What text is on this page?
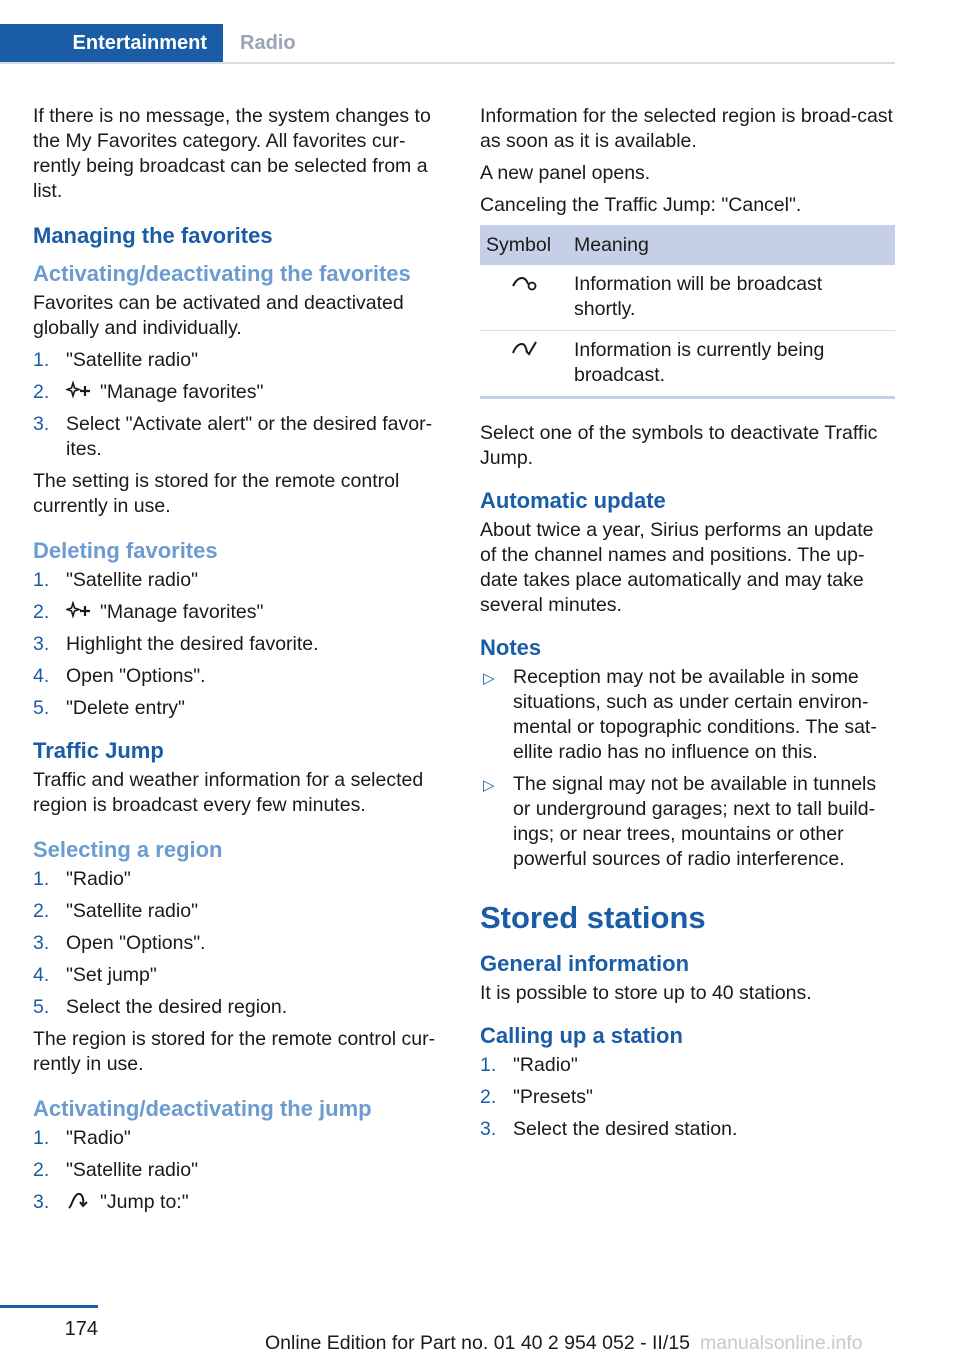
Entertainment	Radio

If there is no message, the system changes to the My Favorites category. All favorites cur-rently being broadcast can be selected from a list.

Managing the favorites
Activating/deactivating the favorites

Favorites can be activated and deactivated globally and individually.

1. "Satellite radio"
2.	"Manage favorites"
3. Select "Activate alert" or the desired favor-ites.

The setting is stored for the remote control currently in use.

Deleting favorites
1. "Satellite radio"
2.	"Manage favorites"
3. Highlight the desired favorite.
4. Open "Options".
5. "Delete entry"
Traffic Jump

Traffic and weather information for a selected region is broadcast every few minutes.

Selecting a region
1. "Radio"
2. "Satellite radio"
3. Open "Options".
4. "Set jump"
5. Select the desired region.

The region is stored for the remote control cur-rently in use.

Activating/deactivating the jump
1. "Radio"
2. "Satellite radio"
3.	"Jump to:"

Information for the selected region is broad-cast as soon as it is available.

A new panel opens.

Canceling the Traffic Jump: "Cancel".

Symbol	Meaning
	Information will be broadcast shortly.
	Information is currently being broadcast.

Select one of the symbols to deactivate Traffic Jump.

Automatic update

About twice a year, Sirius performs an update of the channel names and positions. The up-date takes place automatically and may take several minutes.

Notes
▷ Reception may not be available in some situations, such as under certain environ-mental or topographic conditions. The sat-ellite radio has no influence on this.
▷ The signal may not be available in tunnels or underground garages; next to tall build-ings; or near trees, mountains or other powerful sources of radio interference.
Stored stations
General information

It is possible to store up to 40 stations.

Calling up a station
1. "Radio"
2. "Presets"
3. Select the desired station.
174
Online Edition for Part no. 01 40 2 954 052 - II/15 manualsonline.info
